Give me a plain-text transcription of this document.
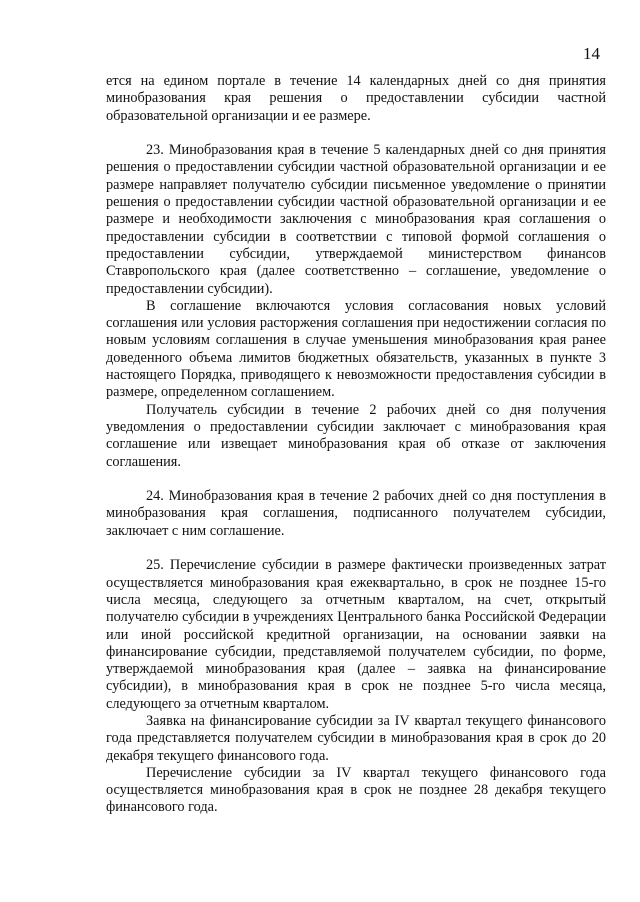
14

ется на едином портале в течение 14 календарных дней со дня принятия минобразования края решения о предоставлении субсидии частной образовательной организации и ее размере.

23. Минобразования края в течение 5 календарных дней со дня принятия решения о предоставлении субсидии частной образовательной организации и ее размере направляет получателю субсидии письменное уведомление о принятии решения о предоставлении субсидии частной образовательной организации и ее размере и необходимости заключения с минобразования края соглашения о предоставлении субсидии в соответствии с типовой формой соглашения о предоставлении субсидии, утверждаемой министерством финансов Ставропольского края (далее соответственно – соглашение, уведомление о предоставлении субсидии).

В соглашение включаются условия согласования новых условий соглашения или условия расторжения соглашения при недостижении согласия по новым условиям соглашения в случае уменьшения минобразования края ранее доведенного объема лимитов бюджетных обязательств, указанных в пункте 3 настоящего Порядка, приводящего к невозможности предоставления субсидии в размере, определенном соглашением.

Получатель субсидии в течение 2 рабочих дней со дня получения уведомления о предоставлении субсидии заключает с минобразования края соглашение или извещает минобразования края об отказе от заключения соглашения.

24. Минобразования края в течение 2 рабочих дней со дня поступления в минобразования края соглашения, подписанного получателем субсидии, заключает с ним соглашение.

25. Перечисление субсидии в размере фактически произведенных затрат осуществляется минобразования края ежеквартально, в срок не позднее 15-го числа месяца, следующего за отчетным кварталом, на счет, открытый получателю субсидии в учреждениях Центрального банка Российской Федерации или иной российской кредитной организации, на основании заявки на финансирование субсидии, представляемой получателем субсидии, по форме, утверждаемой минобразования края (далее – заявка на финансирование субсидии), в минобразования края в срок не позднее 5-го числа месяца, следующего за отчетным кварталом.

Заявка на финансирование субсидии за IV квартал текущего финансового года представляется получателем субсидии в минобразования края в срок до 20 декабря текущего финансового года.

Перечисление субсидии за IV квартал текущего финансового года осуществляется минобразования края в срок не позднее 28 декабря текущего финансового года.
